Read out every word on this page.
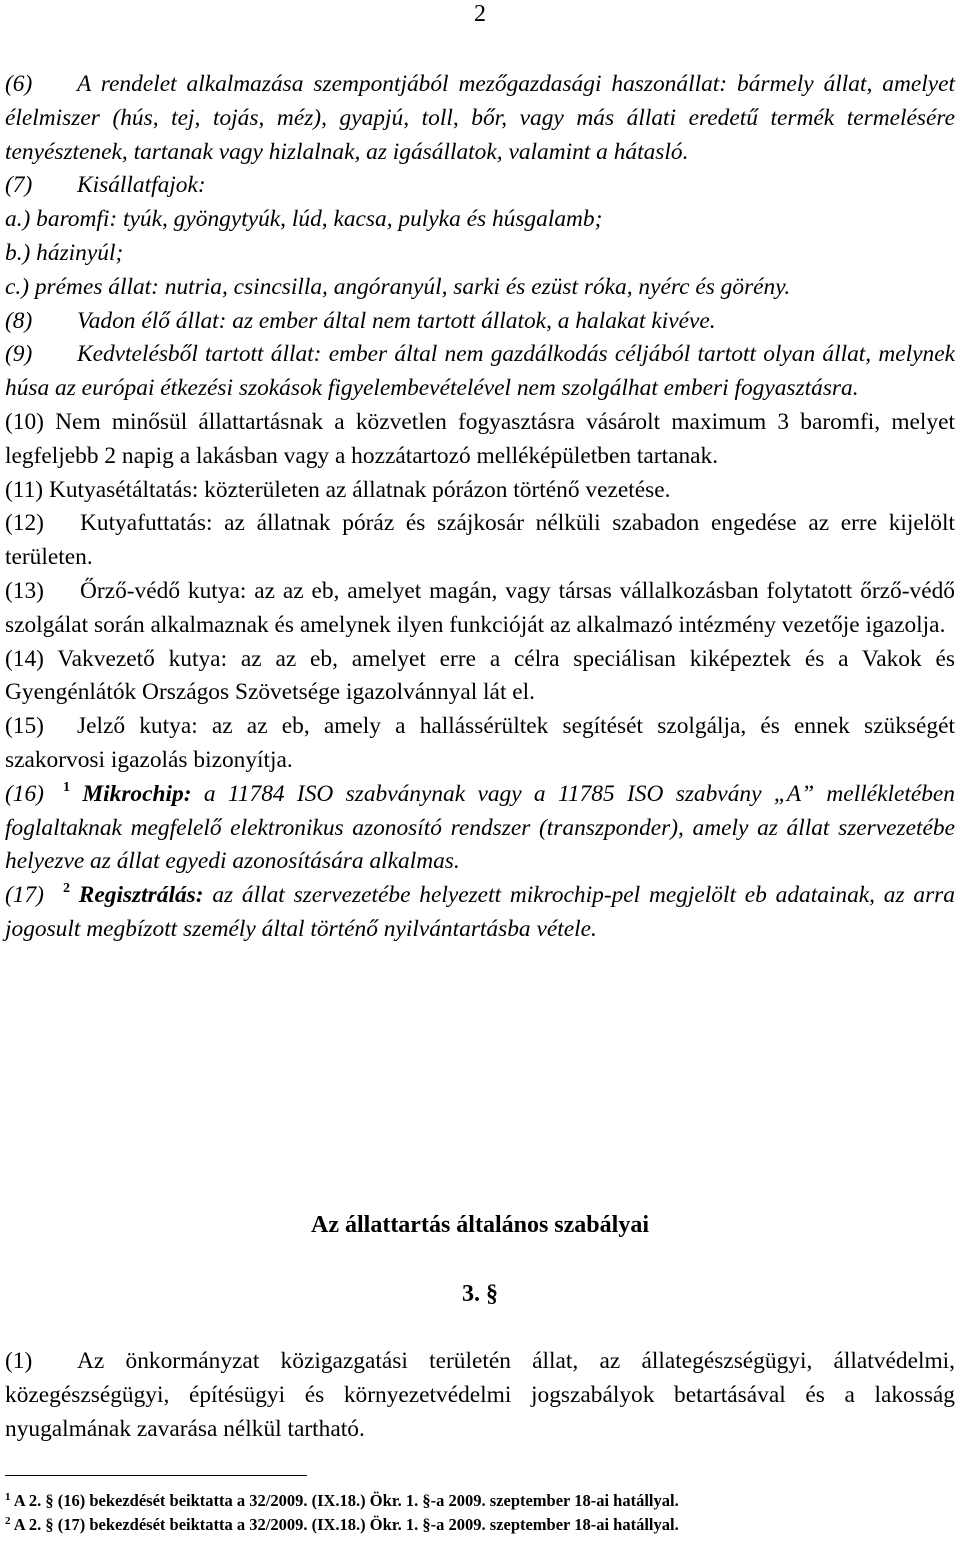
2

(6) A rendelet alkalmazása szempontjából mezőgazdasági haszonállat: bármely állat, amelyet élelmiszer (hús, tej, tojás, méz), gyapjú, toll, bőr, vagy más állati eredetű termék termelésére tenyésztenek, tartanak vagy hizlalnak, az igásállatok, valamint a hátasló.

(7) Kisállatfajok:

a.) baromfi: tyúk, gyöngytyúk, lúd, kacsa, pulyka és húsgalamb;

b.) házinyúl;

c.) prémes állat: nutria, csincsilla, angóranyúl, sarki és ezüst róka, nyérc és görény.

(8) Vadon élő állat: az ember által nem tartott állatok, a halakat kivéve.

(9) Kedvtelésből tartott állat: ember által nem gazdálkodás céljából tartott olyan állat, melynek húsa az európai étkezési szokások figyelembevételével nem szolgálhat emberi fogyasztásra.

(10) Nem minősül állattartásnak a közvetlen fogyasztásra vásárolt maximum 3 baromfi, melyet legfeljebb 2 napig a lakásban vagy a hozzátartozó melléképületben tartanak.

(11) Kutyasétáltatás: közterületen az állatnak pórázon történő vezetése.

(12) Kutyafuttatás: az állatnak póráz és szájkosár nélküli szabadon engedése az erre kijelölt területen.

(13) Őrző-védő kutya: az az eb, amelyet magán, vagy társas vállalkozásban folytatott őrző-védő szolgálat során alkalmaznak és amelynek ilyen funkcióját az alkalmazó intézmény vezetője igazolja.

(14) Vakvezető kutya: az az eb, amelyet erre a célra speciálisan kiképeztek és a Vakok és Gyengénlátók Országos Szövetsége igazolvánnyal lát el.

(15) Jelző kutya: az az eb, amely a hallássérültek segítését szolgálja, és ennek szükségét szakorvosi igazolás bizonyítja.

(16) $^1$ Mikrochip: a 11784 ISO szabványnak vagy a 11785 ISO szabvány „A” mellékletében foglaltaknak megfelelő elektronikus azonosító rendszer (transzponder), amely az állat szervezetébe helyezve az állat egyedi azonosítására alkalmas.

(17) $^2$ Regisztrálás: az állat szervezetébe helyezett mikrochip-pel megjelölt eb adatainak, az arra jogosult megbízott személy által történő nyilvántartásba vétele.

Az állattartás általános szabályai

3. §

(1) Az önkormányzat közigazgatási területén állat, az állategészségügyi, állatvédelmi, közegészségügyi, építésügyi és környezetvédelmi jogszabályok betartásával és a lakosság nyugalmának zavarása nélkül tartható.

$^1$ A 2. § (16) bekezdését beiktatta a 32/2009. (IX.18.) Ökr. 1. §-a 2009. szeptember 18-ai hatállyal.

$^2$ A 2. § (17) bekezdését beiktatta a 32/2009. (IX.18.) Ökr. 1. §-a 2009. szeptember 18-ai hatállyal.
